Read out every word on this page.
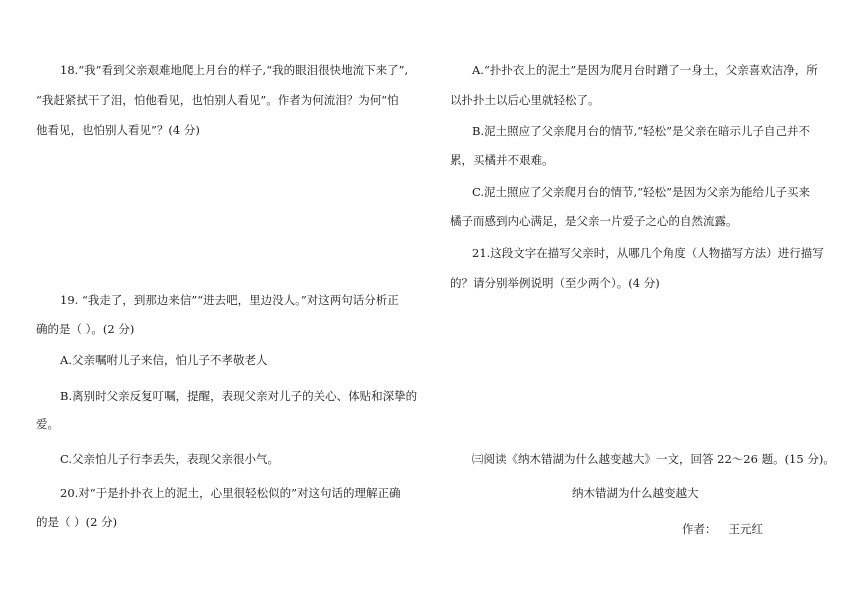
18.“我”看到父亲艰难地爬上月台的样子,“我的眼泪很快地流下来了”,
“我赶紧拭干了泪，怕他看见，也怕别人看见”。作者为何流泪？为何“怕
他看见，也怕别人看见”？(4 分)
19. “我走了，到那边来信”“进去吧，里边没人。”对这两句话分析正
确的是（ ）。(2 分)
A.父亲嘱咐儿子来信，怕儿子不孝敬老人
B.离别时父亲反复叮嘱，提醒，表现父亲对儿子的关心、体贴和深挚的
爱。
C.父亲怕儿子行李丢失，表现父亲很小气。
20.对“于是扑扑衣上的泥土，心里很轻松似的”对这句话的理解正确
的是（ ）(2 分)
A.“扑扑衣上的泥土”是因为爬月台时蹭了一身土，父亲喜欢洁净，所
以扑扑土以后心里就轻松了。
B.泥土照应了父亲爬月台的情节,“轻松”是父亲在暗示儿子自己并不
累，买橘并不艰难。
C.泥土照应了父亲爬月台的情节,“轻松”是因为父亲为能给儿子买来
橘子而感到内心满足，是父亲一片爱子之心的自然流露。
21.这段文字在描写父亲时，从哪几个角度（人物描写方法）进行描写
的？请分别举例说明（至少两个）。(4 分)
㈢阅读《纳木错湖为什么越变越大》一文，回答 22～26 题。(15 分)。
纳木错湖为什么越变越大
作者： 王元红
